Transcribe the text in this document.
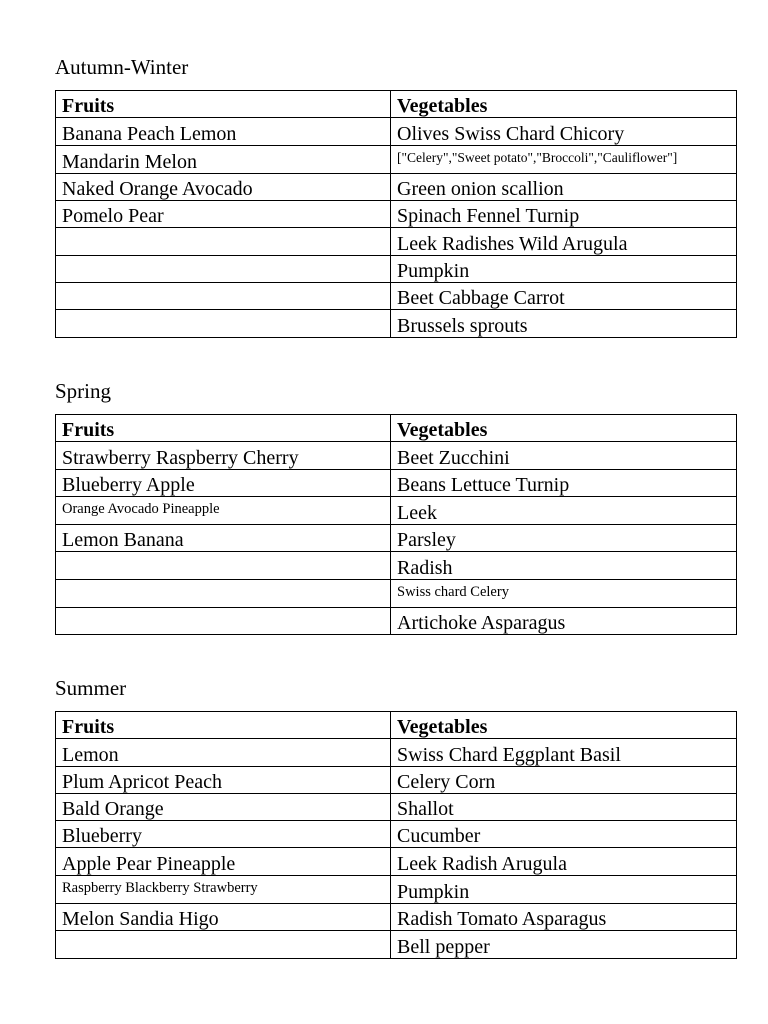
Autumn-Winter
Fruits	Vegetables
Banana Peach Lemon	Olives Swiss Chard Chicory
Mandarin Melon	["Celery","Sweet potato","Broccoli","Cauliflower"]
Naked Orange Avocado	Green onion scallion
Pomelo Pear	Spinach Fennel Turnip
	Leek Radishes Wild Arugula
	Pumpkin
	Beet Cabbage Carrot
	Brussels sprouts
Spring
Fruits	Vegetables
Strawberry Raspberry Cherry	Beet Zucchini
Blueberry Apple	Beans Lettuce Turnip
Orange Avocado Pineapple	Leek
Lemon Banana	Parsley
	Radish
	Swiss chard Celery
	Artichoke Asparagus
Summer
Fruits	Vegetables
Lemon	Swiss Chard Eggplant Basil
Plum Apricot Peach	Celery Corn
Bald Orange	Shallot
Blueberry	Cucumber
Apple Pear Pineapple	Leek Radish Arugula
Raspberry Blackberry Strawberry	Pumpkin
Melon Sandia Higo	Radish Tomato Asparagus
	Bell pepper
